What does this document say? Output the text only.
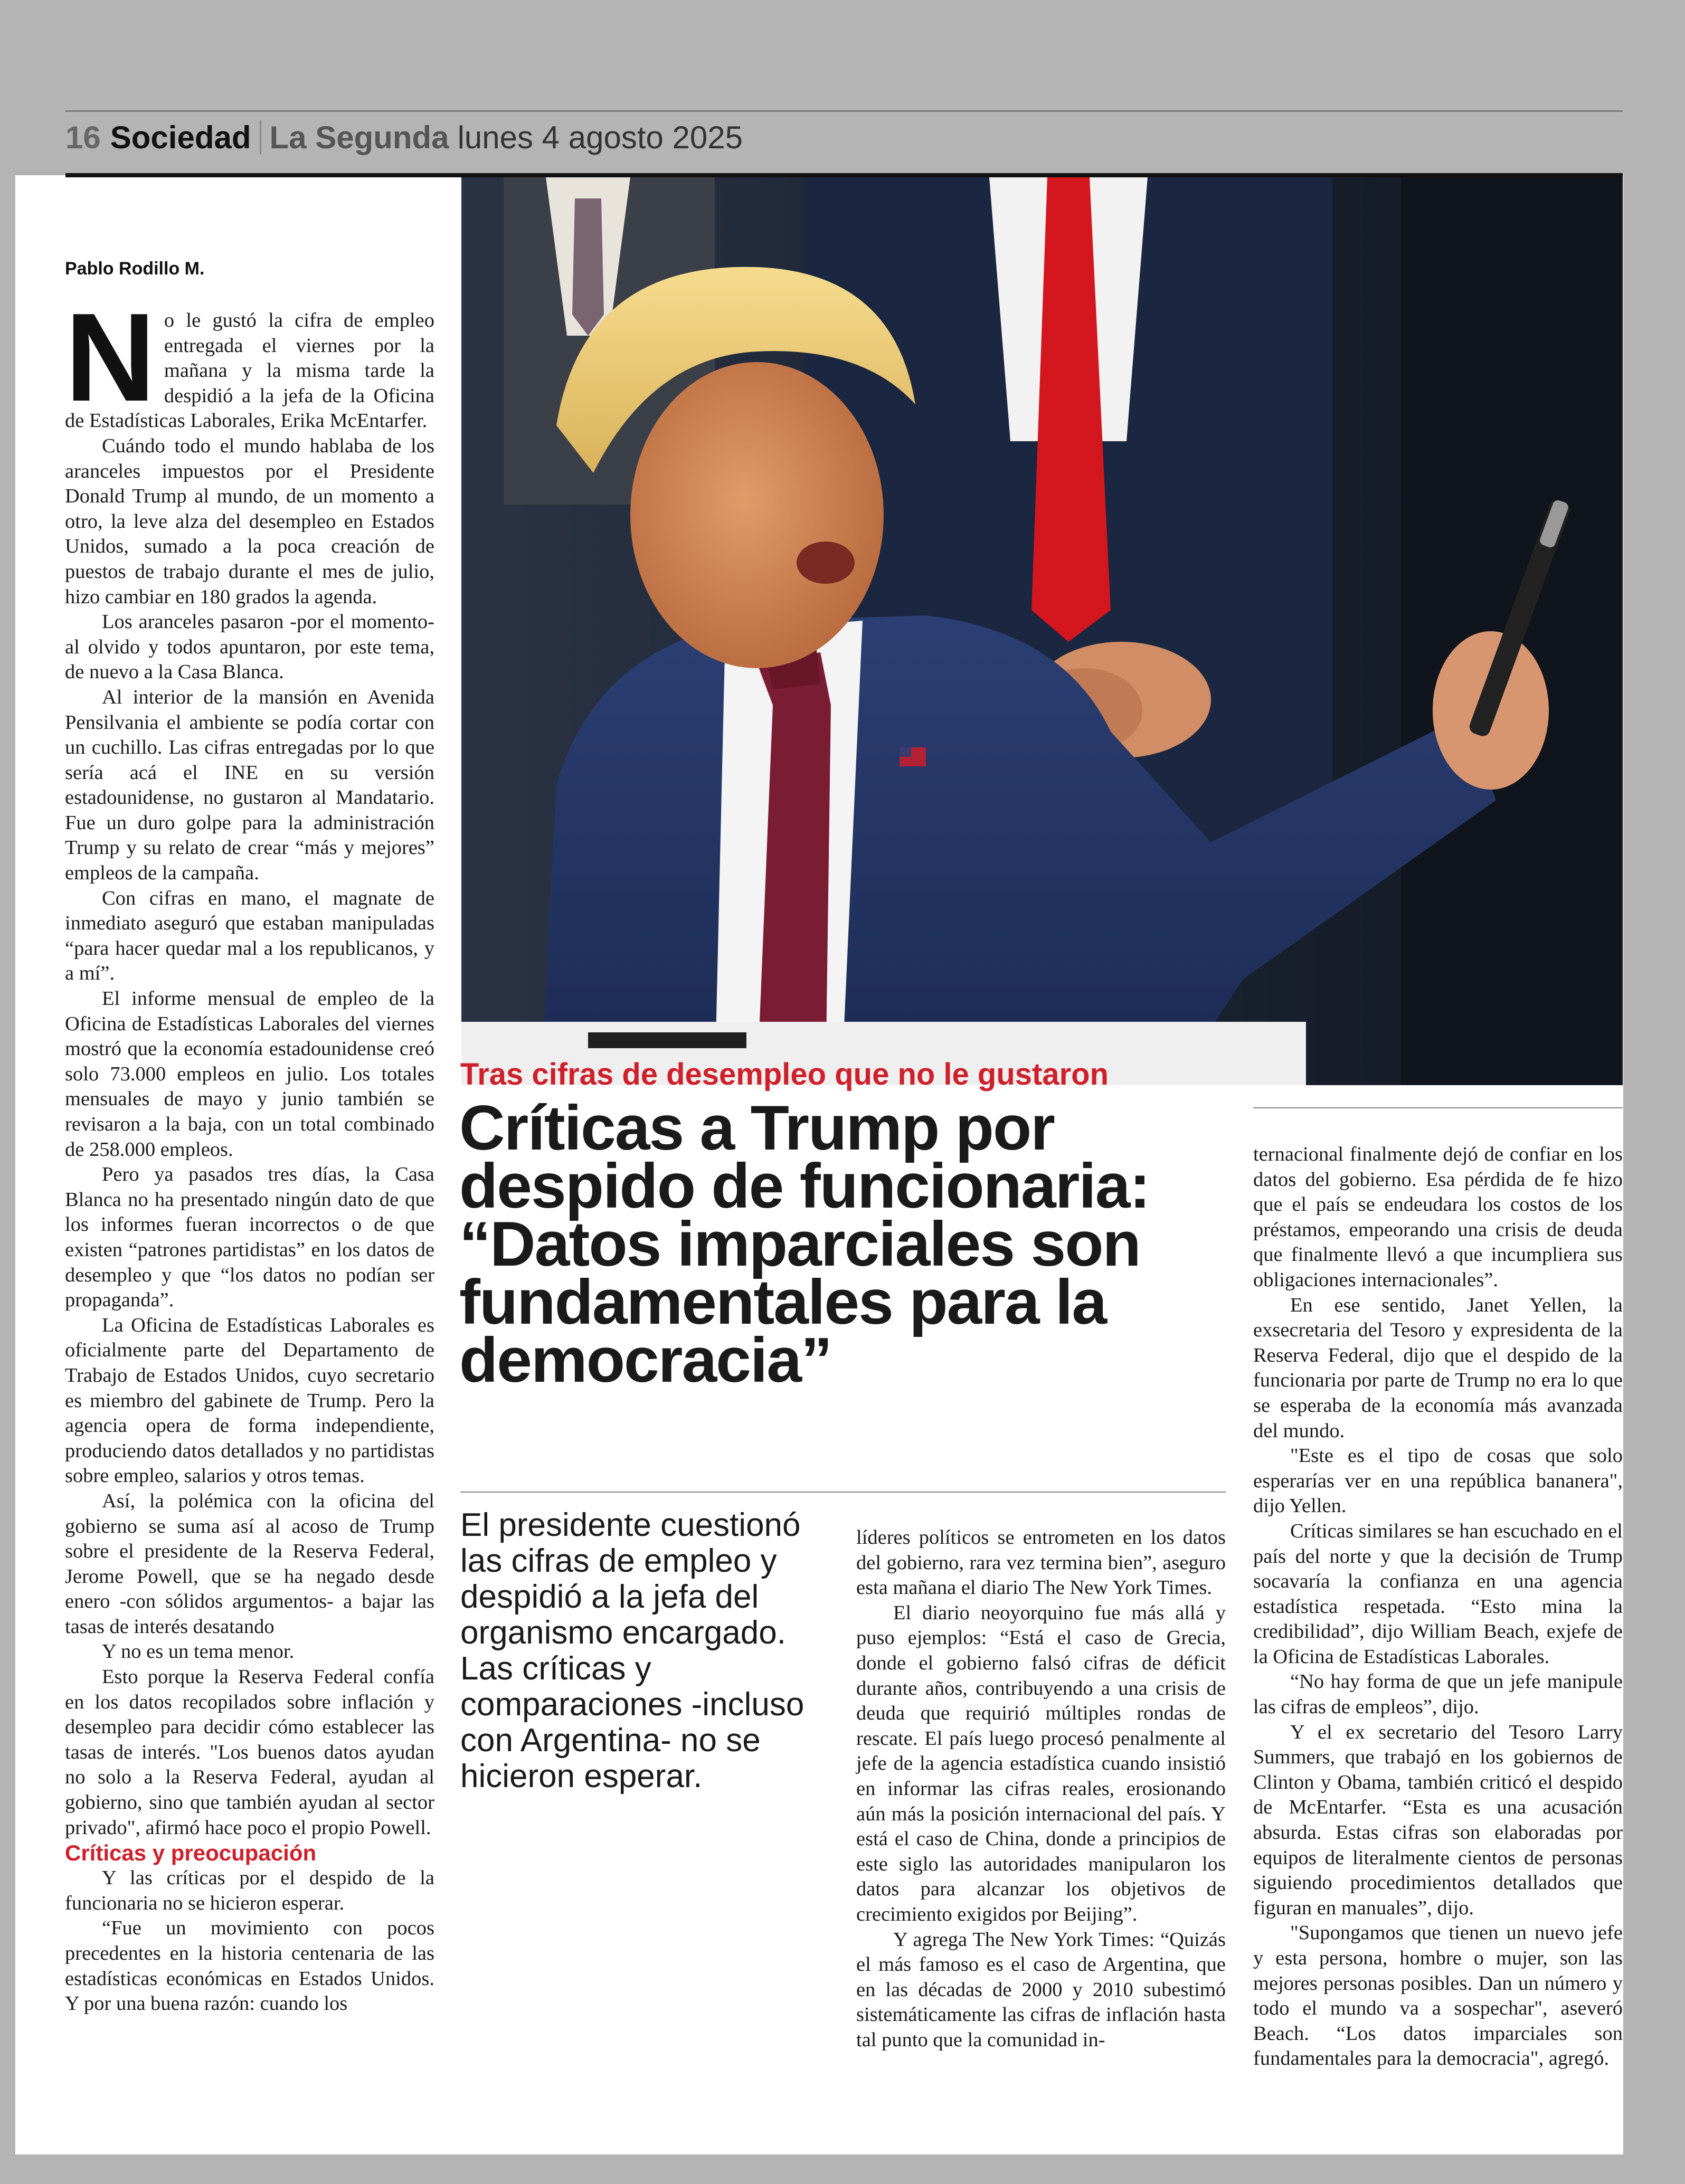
16 Sociedad La Segunda lunes 4 agosto 2025
Pablo Rodillo M.
N o le gustó la cifra de empleo entregada el viernes por la mañana y la misma tarde la despidió a la jefa de la Oficina de Estadísticas Laborales, Erika McEntarfer.

Cuándo todo el mundo hablaba de los aranceles impuestos por el Presidente Donald Trump al mundo, de un momento a otro, la leve alza del desempleo en Estados Unidos, sumado a la poca creación de puestos de trabajo durante el mes de julio, hizo cambiar en 180 grados la agenda.

Los aranceles pasaron -por el momento- al olvido y todos apuntaron, por este tema, de nuevo a la Casa Blanca.

Al interior de la mansión en Avenida Pensilvania el ambiente se podía cortar con un cuchillo. Las cifras entregadas por lo que sería acá el INE en su versión estadounidense, no gustaron al Mandatario. Fue un duro golpe para la administración Trump y su relato de crear “más y mejores” empleos de la campaña.

Con cifras en mano, el magnate de inmediato aseguró que estaban manipuladas “para hacer quedar mal a los republicanos, y a mí”.

El informe mensual de empleo de la Oficina de Estadísticas Laborales del viernes mostró que la economía estadounidense creó solo 73.000 empleos en julio. Los totales mensuales de mayo y junio también se revisaron a la baja, con un total combinado de 258.000 empleos.

Pero ya pasados tres días, la Casa Blanca no ha presentado ningún dato de que los informes fueran incorrectos o de que existen “patrones partidistas” en los datos de desempleo y que “los datos no podían ser propaganda”.

La Oficina de Estadísticas Laborales es oficialmente parte del Departamento de Trabajo de Estados Unidos, cuyo secretario es miembro del gabinete de Trump. Pero la agencia opera de forma independiente, produciendo datos detallados y no partidistas sobre empleo, salarios y otros temas.

Así, la polémica con la oficina del gobierno se suma así al acoso de Trump sobre el presidente de la Reserva Federal, Jerome Powell, que se ha negado desde enero -con sólidos argumentos- a bajar las tasas de interés desatando

Y no es un tema menor.

Esto porque la Reserva Federal confía en los datos recopilados sobre inflación y desempleo para decidir cómo establecer las tasas de interés. "Los buenos datos ayudan no solo a la Reserva Federal, ayudan al gobierno, sino que también ayudan al sector privado", afirmó hace poco el propio Powell.

Críticas y preocupación

Y las críticas por el despido de la funcionaria no se hicieron esperar.

“Fue un movimiento con pocos precedentes en la historia centenaria de las estadísticas económicas en Estados Unidos. Y por una buena razón: cuando los

Tras cifras de desempleo que no le gustaron
Críticas a Trump por despido de funcionaria: “Datos imparciales son fundamentales para la democracia”
El presidente cuestionó las cifras de empleo y despidió a la jefa del organismo encargado. Las críticas y comparaciones -incluso con Argentina- no se hicieron esperar.

líderes políticos se entrometen en los datos del gobierno, rara vez termina bien”, aseguro esta mañana el diario The New York Times.

El diario neoyorquino fue más allá y puso ejemplos: “Está el caso de Grecia, donde el gobierno falsó cifras de déficit durante años, contribuyendo a una crisis de deuda que requirió múltiples rondas de rescate. El país luego procesó penalmente al jefe de la agencia estadística cuando insistió en informar las cifras reales, erosionando aún más la posición internacional del país. Y está el caso de China, donde a principios de este siglo las autoridades manipularon los datos para alcanzar los objetivos de crecimiento exigidos por Beijing”.

Y agrega The New York Times: “Quizás el más famoso es el caso de Argentina, que en las décadas de 2000 y 2010 subestimó sistemáticamente las cifras de inflación hasta tal punto que la comunidad in-

ternacional finalmente dejó de confiar en los datos del gobierno. Esa pérdida de fe hizo que el país se endeudara los costos de los préstamos, empeorando una crisis de deuda que finalmente llevó a que incumpliera sus obligaciones internacionales”.

En ese sentido, Janet Yellen, la exsecretaria del Tesoro y expresidenta de la Reserva Federal, dijo que el despido de la funcionaria por parte de Trump no era lo que se esperaba de la economía más avanzada del mundo.

"Este es el tipo de cosas que solo esperarías ver en una república bananera", dijo Yellen.

Críticas similares se han escuchado en el país del norte y que la decisión de Trump socavaría la confianza en una agencia estadística respetada. “Esto mina la credibilidad”, dijo William Beach, exjefe de la Oficina de Estadísticas Laborales.

“No hay forma de que un jefe manipule las cifras de empleos”, dijo.

Y el ex secretario del Tesoro Larry Summers, que trabajó en los gobiernos de Clinton y Obama, también criticó el despido de McEntarfer. “Esta es una acusación absurda. Estas cifras son elaboradas por equipos de literalmente cientos de personas siguiendo procedimientos detallados que figuran en manuales”, dijo.

"Supongamos que tienen un nuevo jefe y esta persona, hombre o mujer, son las mejores personas posibles. Dan un número y todo el mundo va a sospechar", aseveró Beach. “Los datos imparciales son fundamentales para la democracia", agregó.
